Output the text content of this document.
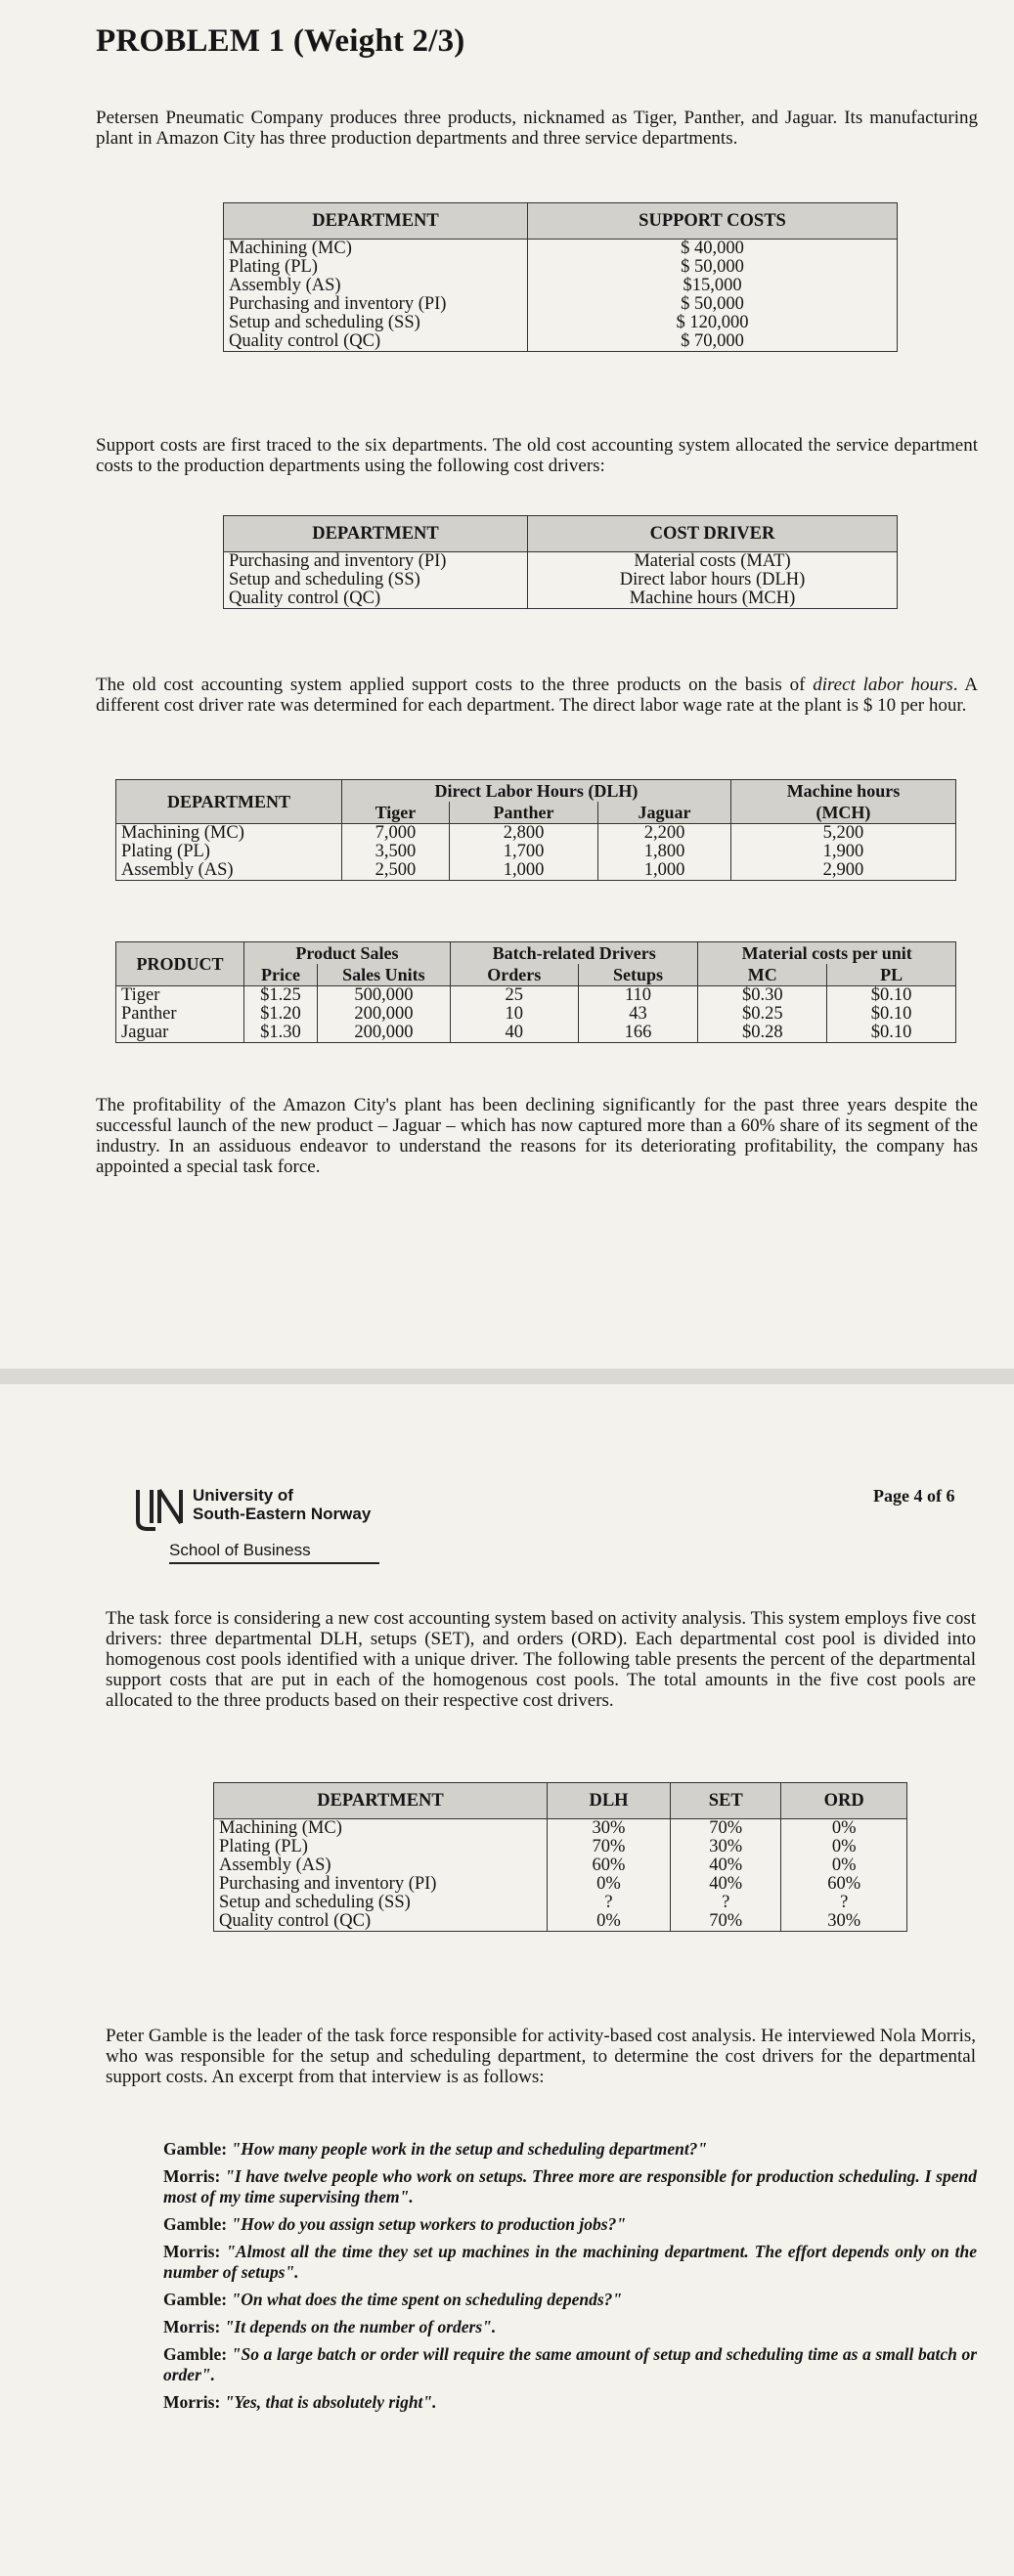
PROBLEM 1 (Weight 2/3)

Petersen Pneumatic Company produces three products, nicknamed as Tiger, Panther, and Jaguar. Its manufacturing plant in Amazon City has three production departments and three service departments.

DEPARTMENT	SUPPORT COSTS
Machining (MC)	$ 40,000
Plating (PL)	$ 50,000
Assembly (AS)	$15,000
Purchasing and inventory (PI)	$ 50,000
Setup and scheduling (SS)	$ 120,000
Quality control (QC)	$ 70,000

Support costs are first traced to the six departments. The old cost accounting system allocated the service department costs to the production departments using the following cost drivers:

DEPARTMENT	COST DRIVER
Purchasing and inventory (PI)	Material costs (MAT)
Setup and scheduling (SS)	Direct labor hours (DLH)
Quality control (QC)	Machine hours (MCH)

The old cost accounting system applied support costs to the three products on the basis of direct labor hours. A different cost driver rate was determined for each department. The direct labor wage rate at the plant is $ 10 per hour.

DEPARTMENT	Direct Labor Hours (DLH)			Machine hours
	Tiger	Panther	Jaguar	(MCH)
Machining (MC)	7,000	2,800	2,200	5,200
Plating (PL)	3,500	1,700	1,800	1,900
Assembly (AS)	2,500	1,000	1,000	2,900
PRODUCT	Product Sales		Batch-related Drivers		Material costs per unit	
	Price	Sales Units	Orders	Setups	MC	PL
Tiger	$1.25	500,000	25	110	$0.30	$0.10
Panther	$1.20	200,000	10	43	$0.25	$0.10
Jaguar	$1.30	200,000	40	166	$0.28	$0.10

The profitability of the Amazon City's plant has been declining significantly for the past three years despite the successful launch of the new product – Jaguar – which has now captured more than a 60% share of its segment of the industry. In an assiduous endeavor to understand the reasons for its deteriorating profitability, the company has appointed a special task force.

University of
South-Eastern Norway
School of Business

Page 4 of 6

The task force is considering a new cost accounting system based on activity analysis. This system employs five cost drivers: three departmental DLH, setups (SET), and orders (ORD). Each departmental cost pool is divided into homogenous cost pools identified with a unique driver. The following table presents the percent of the departmental support costs that are put in each of the homogenous cost pools. The total amounts in the five cost pools are allocated to the three products based on their respective cost drivers.

DEPARTMENT	DLH	SET	ORD
Machining (MC)	30%	70%	0%
Plating (PL)	70%	30%	0%
Assembly (AS)	60%	40%	0%
Purchasing and inventory (PI)	0%	40%	60%
Setup and scheduling (SS)	?	?	?
Quality control (QC)	0%	70%	30%

Peter Gamble is the leader of the task force responsible for activity-based cost analysis. He interviewed Nola Morris, who was responsible for the setup and scheduling department, to determine the cost drivers for the departmental support costs. An excerpt from that interview is as follows:

Gamble: "How many people work in the setup and scheduling department?"

Morris: "I have twelve people who work on setups. Three more are responsible for production scheduling. I spend most of my time supervising them".

Gamble: "How do you assign setup workers to production jobs?"

Morris: "Almost all the time they set up machines in the machining department. The effort depends only on the number of setups".

Gamble: "On what does the time spent on scheduling depends?"

Morris: "It depends on the number of orders".

Gamble: "So a large batch or order will require the same amount of setup and scheduling time as a small batch or order".

Morris: "Yes, that is absolutely right".
